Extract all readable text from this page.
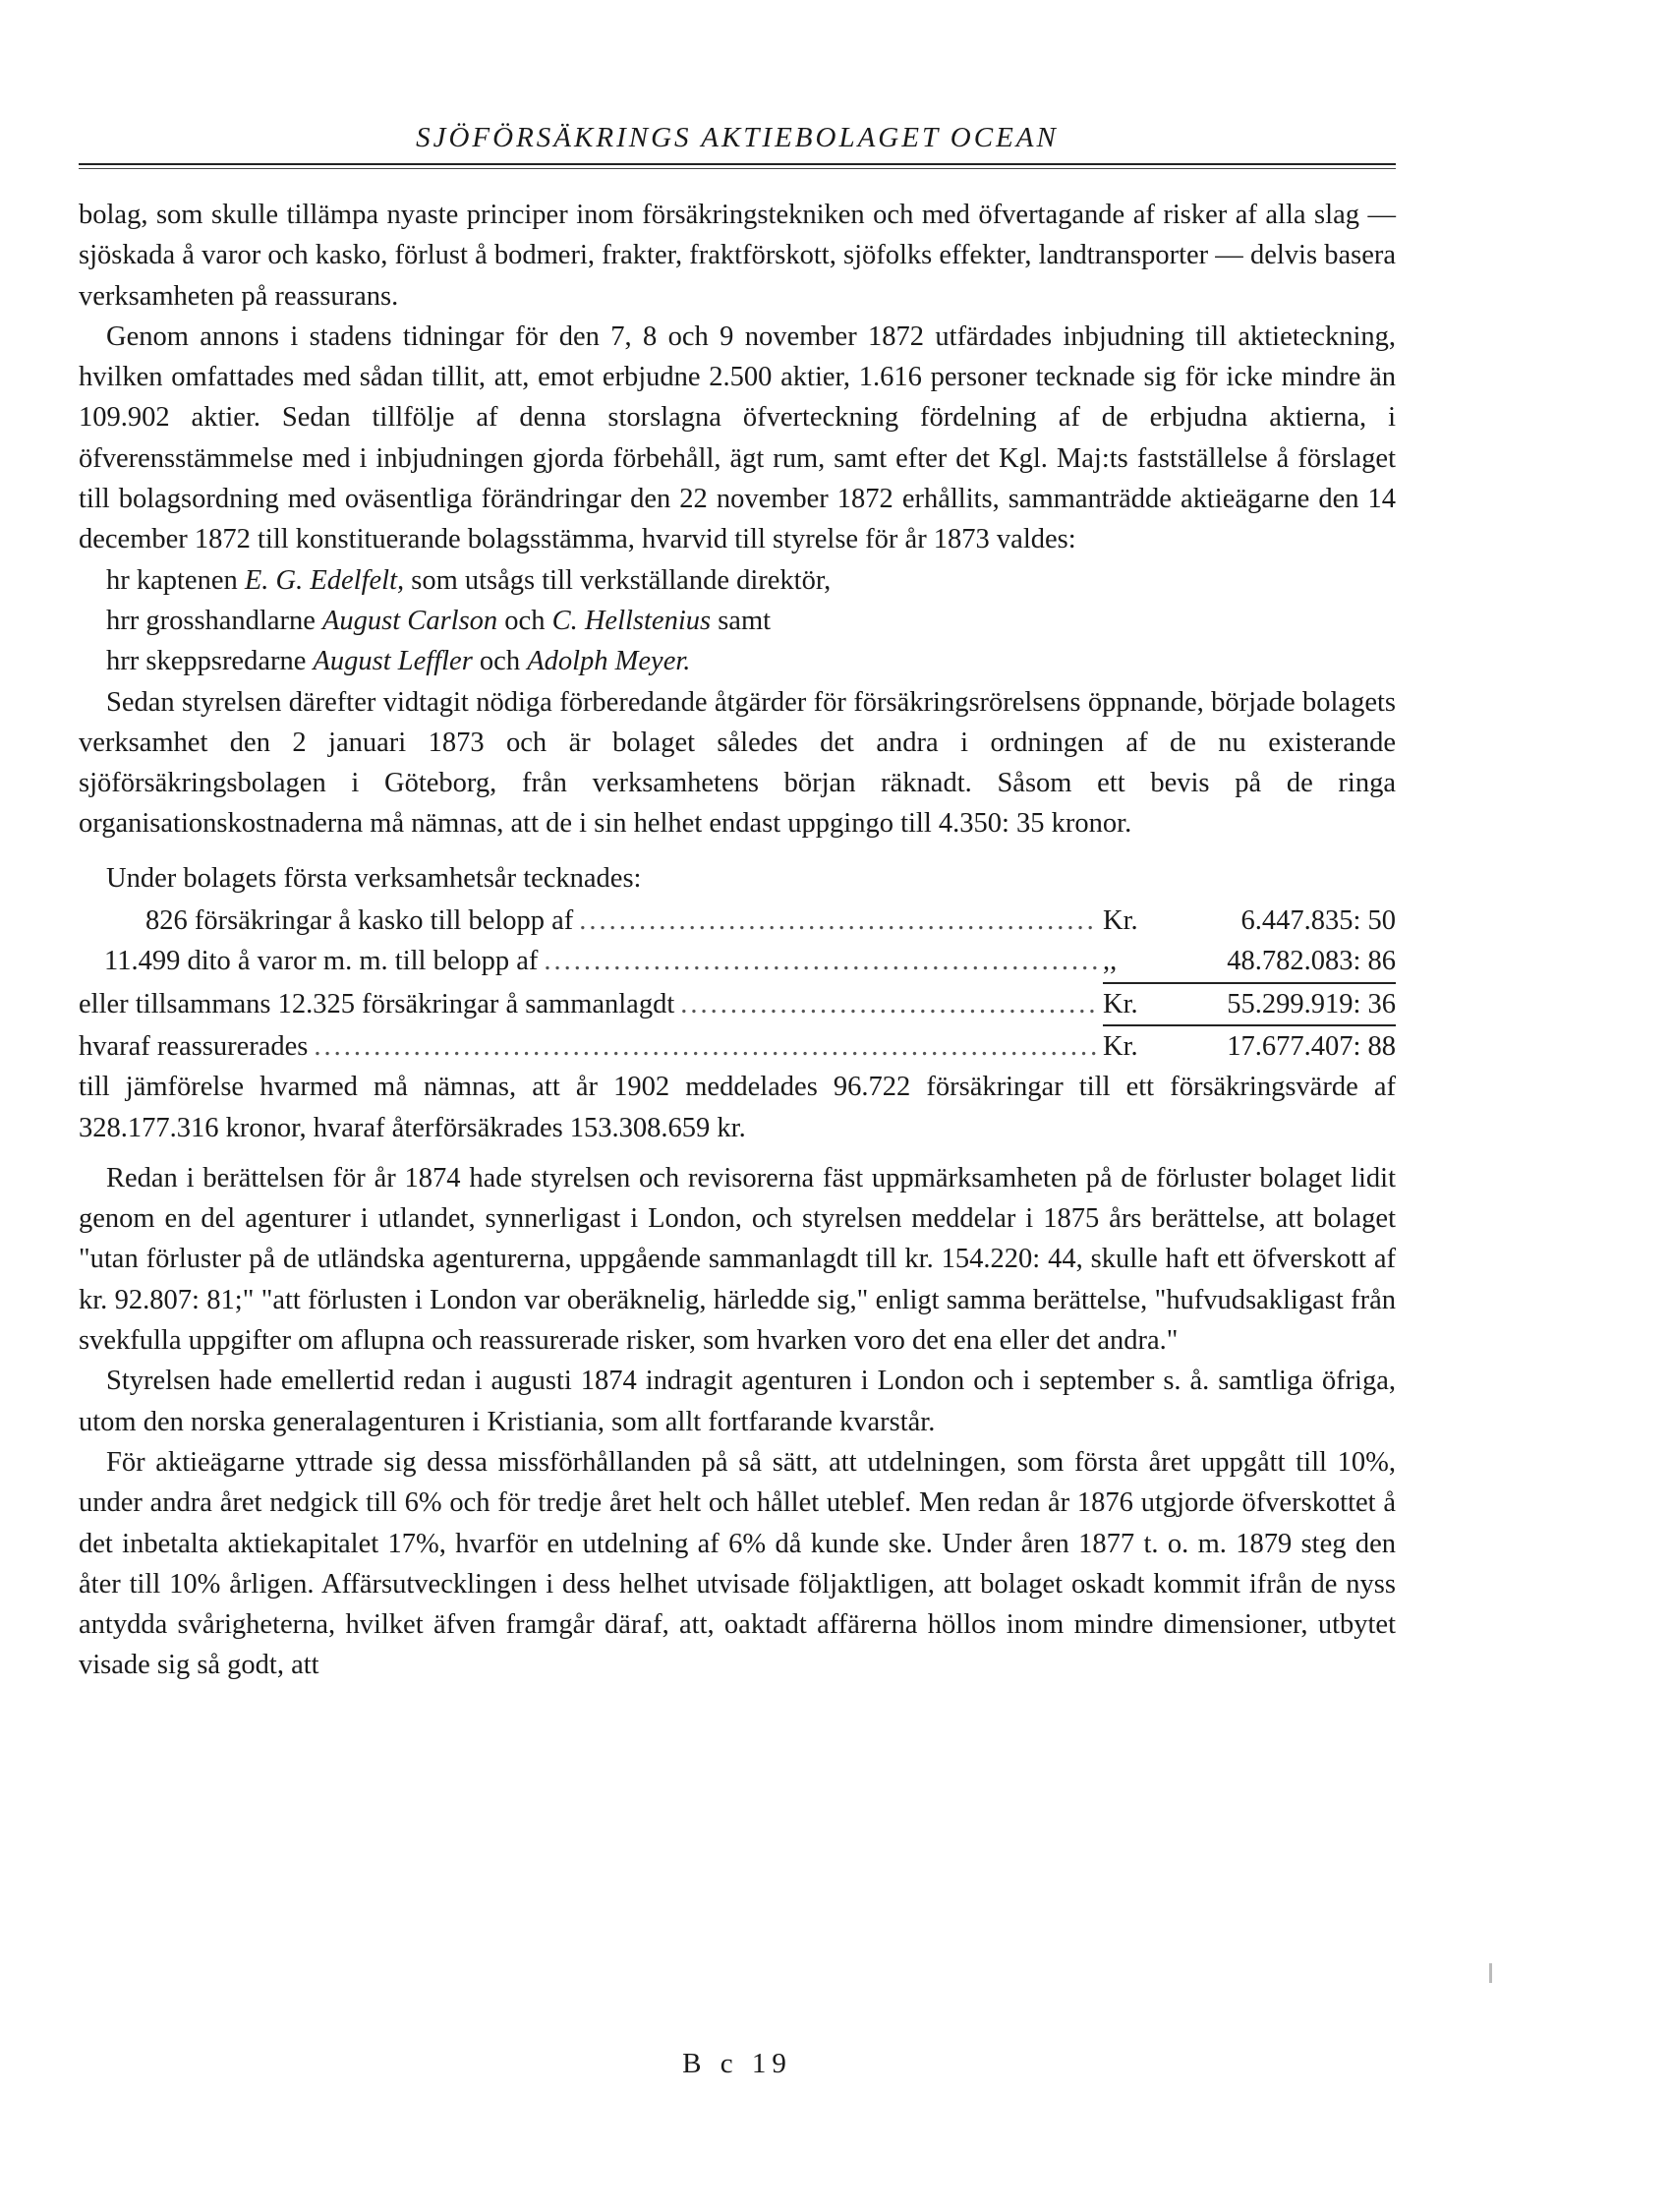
SJÖFÖRSÄKRINGS AKTIEBOLAGET OCEAN

bolag, som skulle tillämpa nyaste principer inom försäkringstekniken och med öfvertagande af risker af alla slag — sjöskada å varor och kasko, förlust å bodmeri, frakter, fraktförskott, sjöfolks effekter, landtransporter — delvis basera verksamheten på reassurans.

Genom annons i stadens tidningar för den 7, 8 och 9 november 1872 utfärdades inbjudning till aktieteckning, hvilken omfattades med sådan tillit, att, emot erbjudne 2.500 aktier, 1.616 personer tecknade sig för icke mindre än 109.902 aktier. Sedan tillfölje af denna storslagna öfverteckning fördelning af de erbjudna aktierna, i öfverensstämmelse med i inbjudningen gjorda förbehåll, ägt rum, samt efter det Kgl. Maj:ts fastställelse å förslaget till bolagsordning med oväsentliga förändringar den 22 november 1872 erhållits, sammanträdde aktieägarne den 14 december 1872 till konstituerande bolagsstämma, hvarvid till styrelse för år 1873 valdes:

hr kaptenen E. G. Edelfelt, som utsågs till verkställande direktör,
hrr grosshandlarne August Carlson och C. Hellstenius samt
hrr skeppsredarne August Leffler och Adolph Meyer.

Sedan styrelsen därefter vidtagit nödiga förberedande åtgärder för försäkringsrörelsens öppnande, började bolagets verksamhet den 2 januari 1873 och är bolaget således det andra i ordningen af de nu existerande sjöförsäkringsbolagen i Göteborg, från verksamhetens början räknadt. Såsom ett bevis på de ringa organisationskostnaderna må nämnas, att de i sin helhet endast uppgingo till 4.350: 35 kronor.

Under bolagets första verksamhetsår tecknades:

826 försäkringar å kasko till belopp af .....	Kr.	6.447.835: 50
11.499 dito å varor m. m. till belopp af .....	,,	48.782.083: 86
eller tillsammans 12.325 försäkringar å sammanlagdt .....	Kr.	55.299.919: 36
hvaraf reassurerades .....	Kr.	17.677.407: 88

till jämförelse hvarmed må nämnas, att år 1902 meddelades 96.722 försäkringar till ett försäkringsvärde af 328.177.316 kronor, hvaraf återförsäkrades 153.308.659 kr.

Redan i berättelsen för år 1874 hade styrelsen och revisorerna fäst uppmärksamheten på de förluster bolaget lidit genom en del agenturer i utlandet, synnerligast i London, och styrelsen meddelar i 1875 års berättelse, att bolaget "utan förluster på de utländska agenturerna, uppgående sammanlagdt till kr. 154.220: 44, skulle haft ett öfverskott af kr. 92.807: 81;" "att förlusten i London var oberäknelig, härledde sig," enligt samma berättelse, "hufvudsakligast från svekfulla uppgifter om aflupna och reassurerade risker, som hvarken voro det ena eller det andra."

Styrelsen hade emellertid redan i augusti 1874 indragit agenturen i London och i september s. å. samtliga öfriga, utom den norska generalagenturen i Kristiania, som allt fortfarande kvarstår.

För aktieägarne yttrade sig dessa missförhållanden på så sätt, att utdelningen, som första året uppgått till 10%, under andra året nedgick till 6% och för tredje året helt och hållet uteblef. Men redan år 1876 utgjorde öfverskottet å det inbetalta aktiekapitalet 17%, hvarför en utdelning af 6% då kunde ske. Under åren 1877 t. o. m. 1879 steg den åter till 10% årligen. Affärsutvecklingen i dess helhet utvisade följaktligen, att bolaget oskadt kommit ifrån de nyss antydda svårigheterna, hvilket äfven framgår däraf, att, oaktadt affärerna höllos inom mindre dimensioner, utbytet visade sig så godt, att

B c 19
